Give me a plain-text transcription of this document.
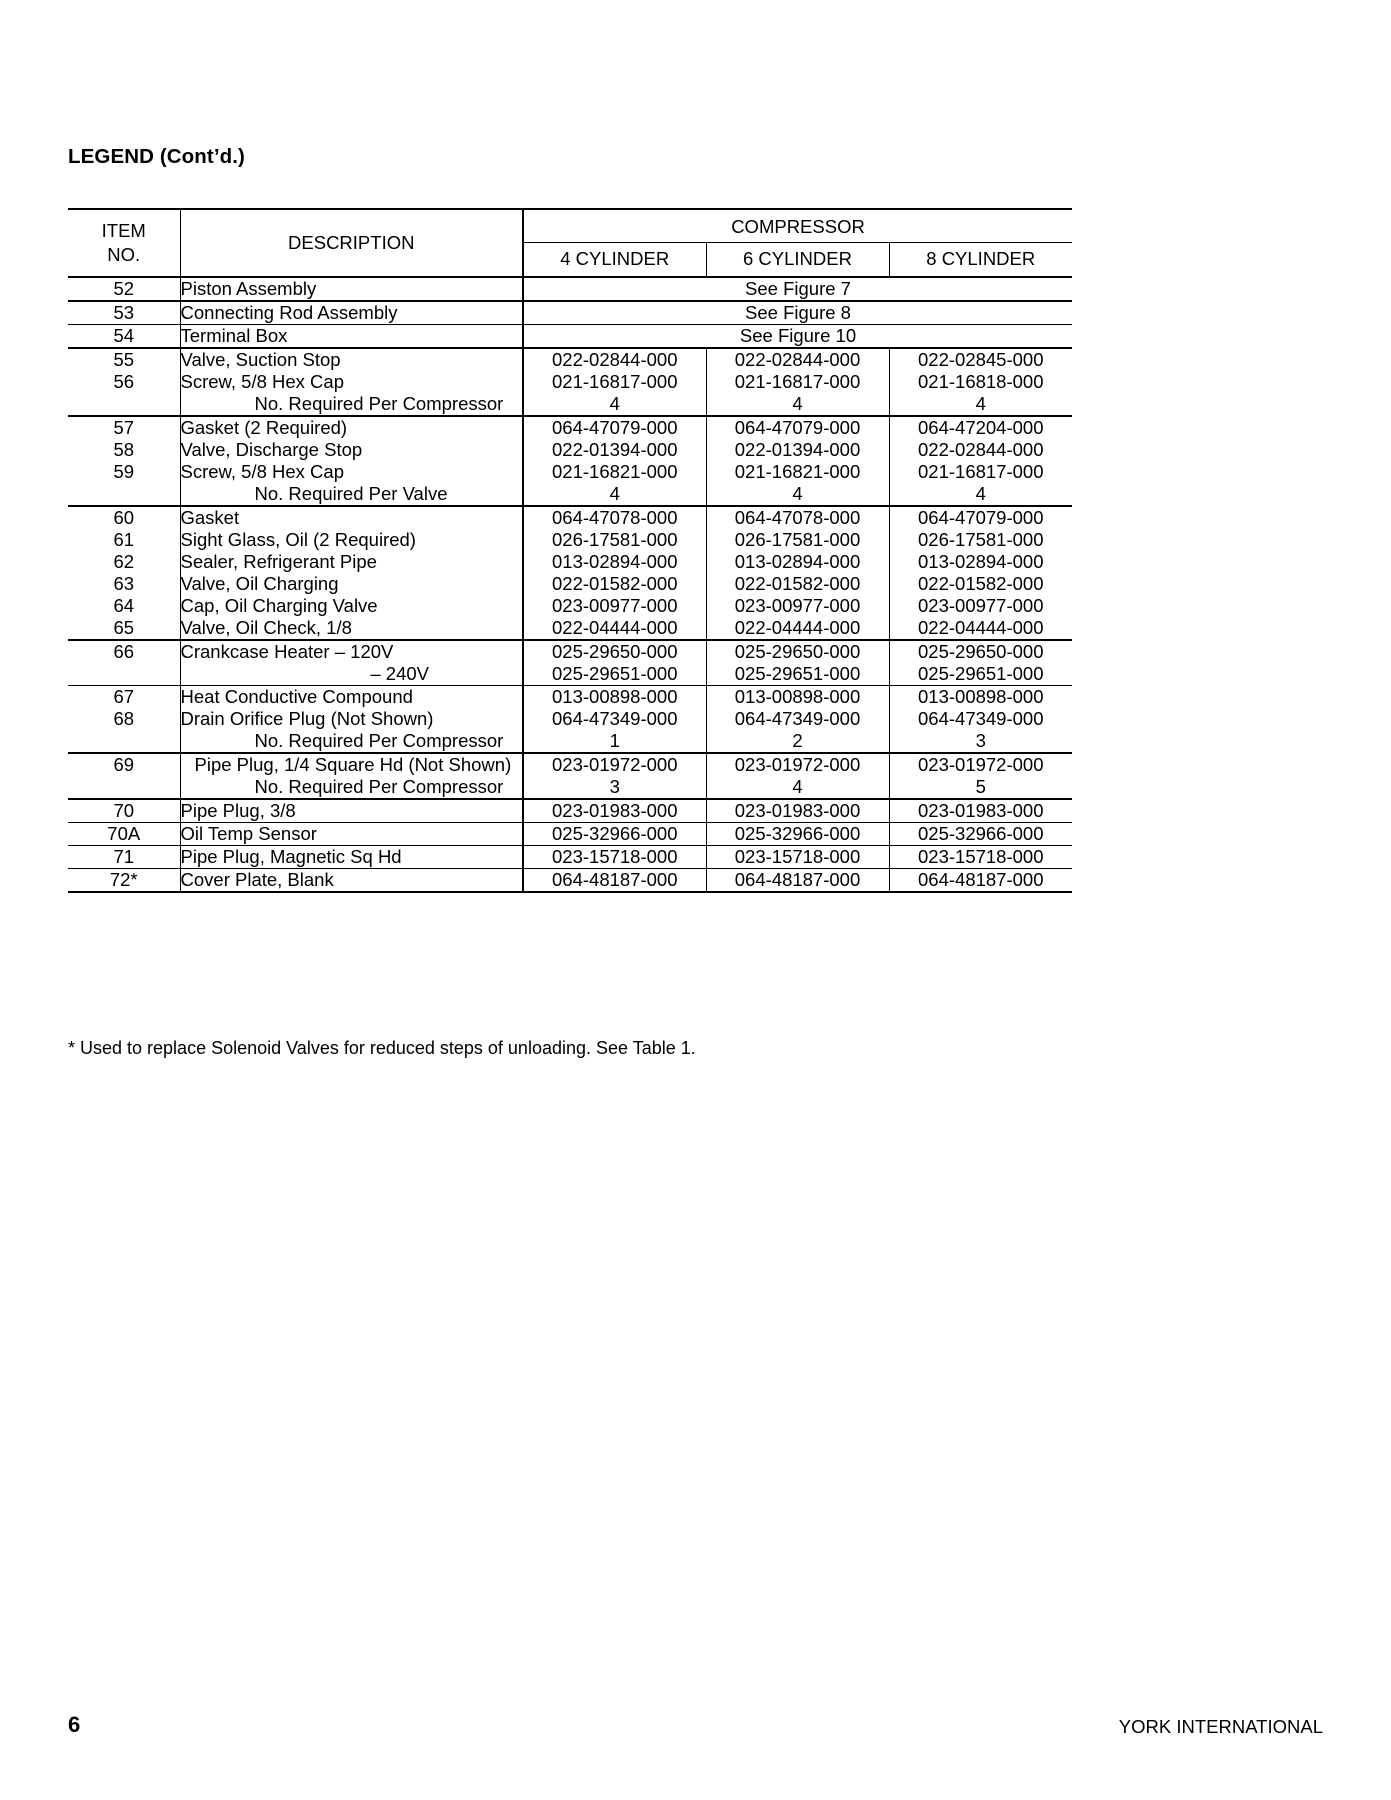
LEGEND (Cont’d.)
ITEM
NO.	DESCRIPTION	COMPRESSOR		
		4 CYLINDER	6 CYLINDER	8 CYLINDER
52	Piston Assembly	See Figure 7		
53	Connecting Rod Assembly	See Figure 8		
54	Terminal Box	See Figure 10		
55	Valve, Suction Stop	022-02844-000	022-02844-000	022-02845-000
56	Screw, 5/8 Hex Cap	021-16817-000	021-16817-000	021-16818-000
	No. Required Per Compressor	4	4	4
57	Gasket (2 Required)	064-47079-000	064-47079-000	064-47204-000
58	Valve, Discharge Stop	022-01394-000	022-01394-000	022-02844-000
59	Screw, 5/8 Hex Cap	021-16821-000	021-16821-000	021-16817-000
	No. Required Per Valve	4	4	4
60	Gasket	064-47078-000	064-47078-000	064-47079-000
61	Sight Glass, Oil (2 Required)	026-17581-000	026-17581-000	026-17581-000
62	Sealer, Refrigerant Pipe	013-02894-000	013-02894-000	013-02894-000
63	Valve, Oil Charging	022-01582-000	022-01582-000	022-01582-000
64	Cap, Oil Charging Valve	023-00977-000	023-00977-000	023-00977-000
65	Valve, Oil Check, 1/8	022-04444-000	022-04444-000	022-04444-000
66	Crankcase Heater – 120V	025-29650-000	025-29650-000	025-29650-000
	– 240V	025-29651-000	025-29651-000	025-29651-000
67	Heat Conductive Compound	013-00898-000	013-00898-000	013-00898-000
68	Drain Orifice Plug (Not Shown)	064-47349-000	064-47349-000	064-47349-000
	No. Required Per Compressor	1	2	3
69	Pipe Plug, 1/4 Square Hd (Not Shown)	023-01972-000	023-01972-000	023-01972-000
	No. Required Per Compressor	3	4	5
70	Pipe Plug, 3/8	023-01983-000	023-01983-000	023-01983-000
70A	Oil Temp Sensor	025-32966-000	025-32966-000	025-32966-000
71	Pipe Plug, Magnetic Sq Hd	023-15718-000	023-15718-000	023-15718-000
72*	Cover Plate, Blank	064-48187-000	064-48187-000	064-48187-000
* Used to replace Solenoid Valves for reduced steps of unloading. See Table 1.
6	YORK INTERNATIONAL
